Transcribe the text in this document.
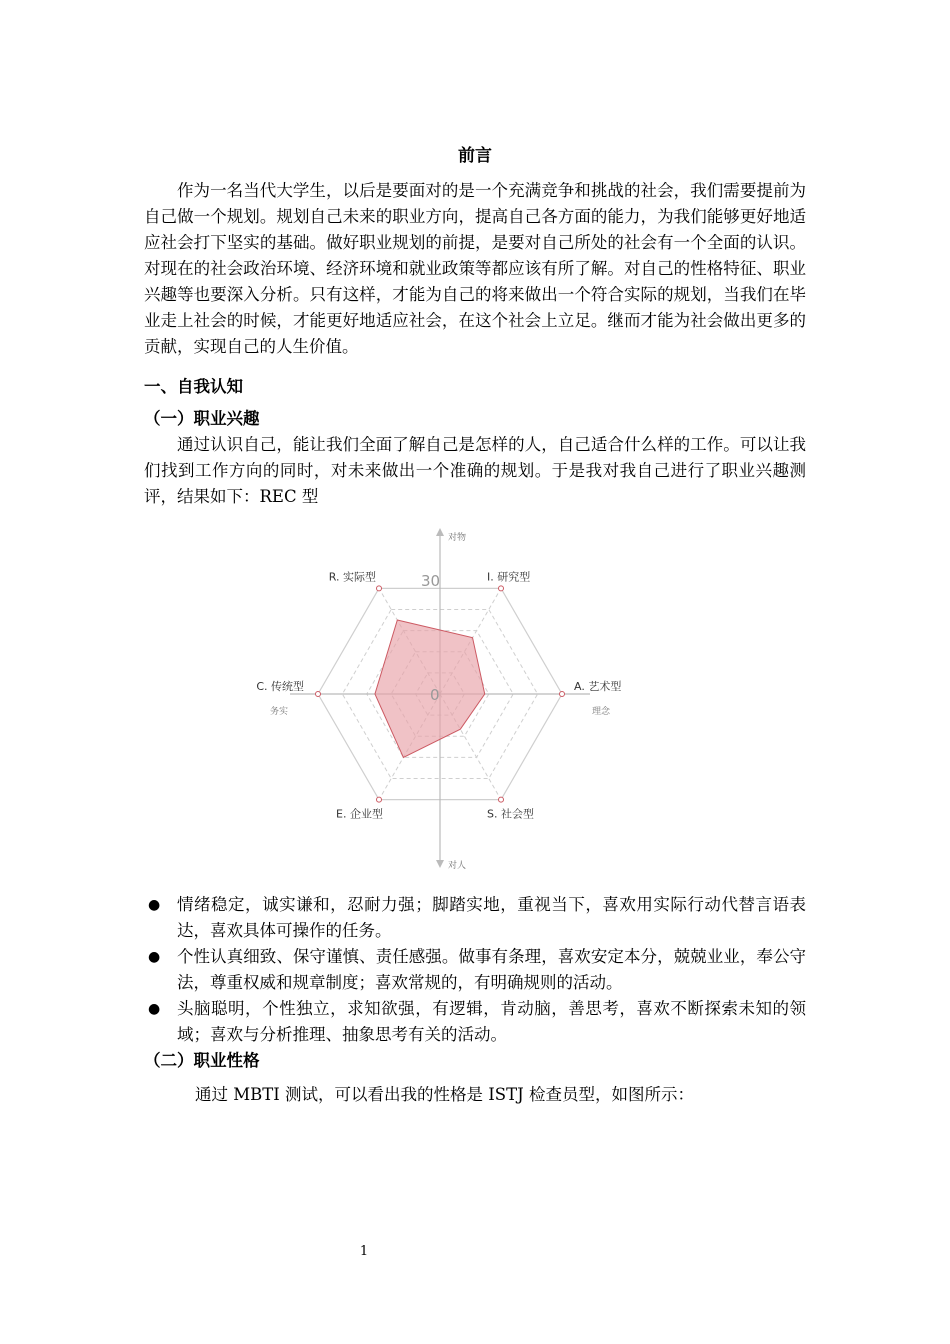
前言

作为一名当代大学生，以后是要面对的是一个充满竞争和挑战的社会，我们需要提前为自己做一个规划。规划自己未来的职业方向，提高自己各方面的能力，为我们能够更好地适应社会打下坚实的基础。做好职业规划的前提，是要对自己所处的社会有一个全面的认识。对现在的社会政治环境、经济环境和就业政策等都应该有所了解。对自己的性格特征、职业兴趣等也要深入分析。只有这样，才能为自己的将来做出一个符合实际的规划，当我们在毕业走上社会的时候，才能更好地适应社会，在这个社会上立足。继而才能为社会做出更多的贡献，实现自己的人生价值。

一、自我认知
（一）职业兴趣

通过认识自己，能让我们全面了解自己是怎样的人，自己适合什么样的工作。可以让我们找到工作方向的同时，对未来做出一个准确的规划。于是我对我自己进行了职业兴趣测评，结果如下：REC 型

30
0
R. 实际型	I. 研究型
A. 艺术型
S. 社会型
E. 企业型
C. 传统型
对物
对人
务实	理念
● 情绪稳定，诚实谦和，忍耐力强；脚踏实地，重视当下，喜欢用实际行动代替言语表达，喜欢具体可操作的任务。
● 个性认真细致、保守谨慎、责任感强。做事有条理，喜欢安定本分，兢兢业业，奉公守法，尊重权威和规章制度；喜欢常规的，有明确规则的活动。
● 头脑聪明，个性独立，求知欲强，有逻辑，肯动脑，善思考，喜欢不断探索未知的领域；喜欢与分析推理、抽象思考有关的活动。
（二）职业性格

通过 MBTI 测试，可以看出我的性格是 ISTJ 检查员型，如图所示：

1
